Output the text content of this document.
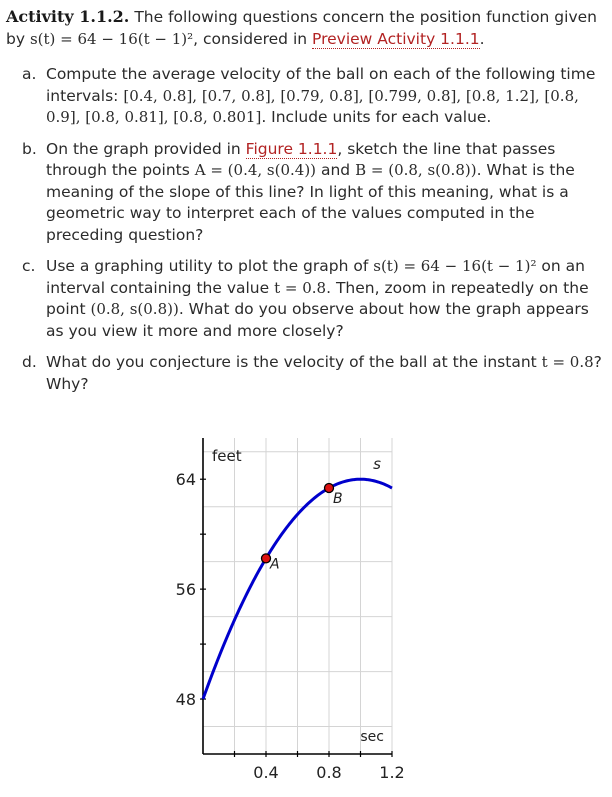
Activity 1.1.2. The following questions concern the position function given by s(t) = 64 − 16(t − 1)², considered in Preview Activity 1.1.1.
a. Compute the average velocity of the ball on each of the following time intervals: [0.4, 0.8], [0.7, 0.8], [0.79, 0.8], [0.799, 0.8], [0.8, 1.2], [0.8, 0.9], [0.8, 0.81], [0.8, 0.801]. Include units for each value.
b. On the graph provided in Figure 1.1.1, sketch the line that passes through the points A = (0.4, s(0.4)) and B = (0.8, s(0.8)). What is the meaning of the slope of this line? In light of this meaning, what is a geometric way to interpret each of the values computed in the preceding question?
c. Use a graphing utility to plot the graph of s(t) = 64 − 16(t − 1)² on an interval containing the value t = 0.8. Then, zoom in repeatedly on the point (0.8, s(0.8)). What do you observe about how the graph appears as you view it more and more closely?
d. What do you conjecture is the velocity of the ball at the instant t = 0.8? Why?
48
56
64
0.4 0.8 1.2
feet
sec
s
A
B
